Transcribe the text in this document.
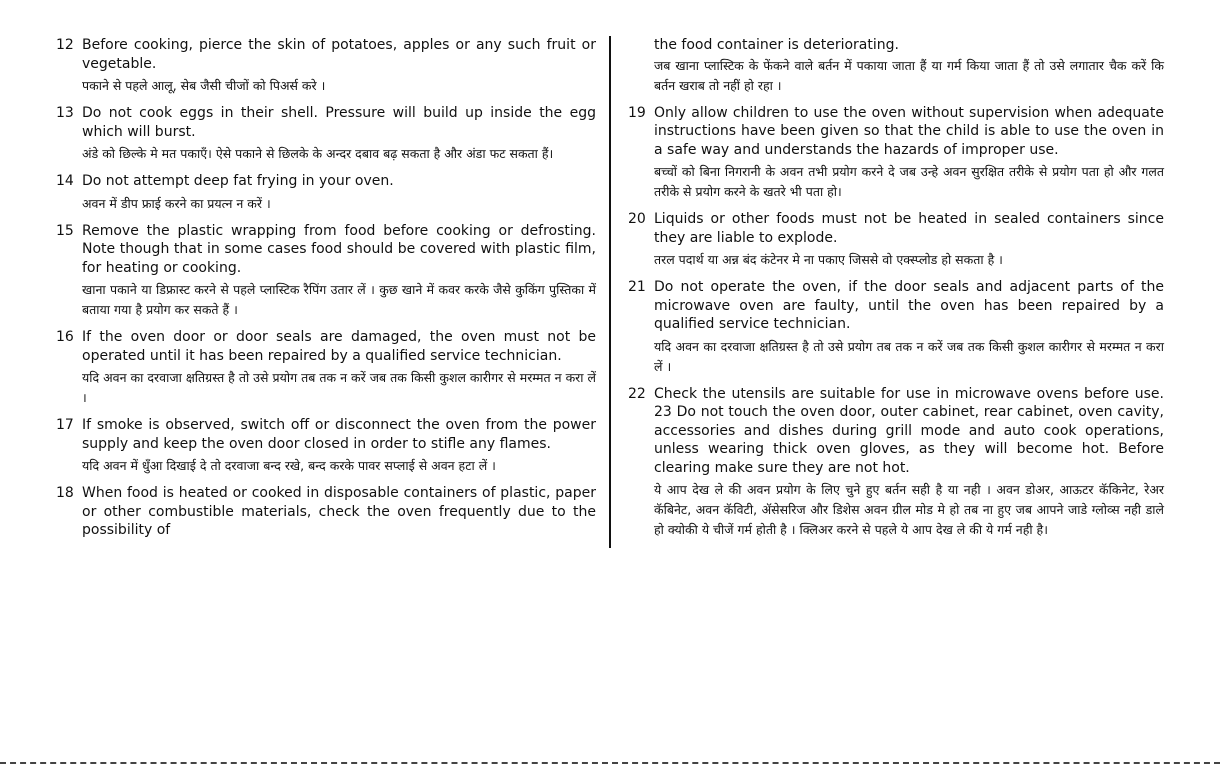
12 Before cooking, pierce the skin of potatoes, apples or any such fruit or vegetable.
पकाने से पहले आलू, सेब जैसी चीजों को पिअर्स करे ।
13 Do not cook eggs in their shell. Pressure will build up inside the egg which will burst.
अंडे को छिल्के मे मत पकाएँ। ऐसे पकाने से छिलके के अन्दर दबाव बढ़ सकता है और अंडा फट सकता हैं।
14 Do not attempt deep fat frying in your oven.
अवन में डीप फ्राई करने का प्रयत्न न करें ।
15 Remove the plastic wrapping from food before cooking or defrosting. Note though that in some cases food should be covered with plastic film, for heating or cooking.
खाना पकाने या डिफ्रास्ट करने से पहले प्लास्टिक रैपिंग उतार लें । कुछ खाने में कवर करके जैसे कुकिंग पुस्तिका में बताया गया है प्रयोग कर सकते हैं ।
16 If the oven door or door seals are damaged, the oven must not be operated until it has been repaired by a qualified service technician.
यदि अवन का दरवाजा क्षतिग्रस्त है तो उसे प्रयोग तब तक न करें जब तक किसी कुशल कारीगर से मरम्मत न करा लें ।
17 If smoke is observed, switch off or disconnect the oven from the power supply and keep the oven door closed in order to stifle any flames.
यदि अवन में धुँआ दिखाई दे तो दरवाजा बन्द रखे, बन्द करके पावर सप्लाई से अवन हटा लें ।
18 When food is heated or cooked in disposable containers of plastic, paper or other combustible materials, check the oven frequently due to the possibility of
the food container is deteriorating.
जब खाना प्लास्टिक के फेंकने वाले बर्तन में पकाया जाता हैं या गर्म किया जाता हैं तो उसे लगातार चैक करें कि बर्तन खराब तो नहीं हो रहा ।
19 Only allow children to use the oven without supervision when adequate instructions have been given so that the child is able to use the oven in a safe way and understands the hazards of improper use.
बच्चों को बिना निगरानी के अवन तभी प्रयोग करने दे जब उन्हे अवन सुरक्षित तरीके से प्रयोग पता हो और गलत तरीके से प्रयोग करने के खतरे भी पता हो।
20 Liquids or other foods must not be heated in sealed containers since they are liable to explode.
तरल पदार्थ या अन्न बंद कंटेनर मे ना पकाए जिससे वो एक्स्प्लोड हो सकता है ।
21 Do not operate the oven, if the door seals and adjacent parts of the microwave oven are faulty, until the oven has been repaired by a qualified service technician.
यदि अवन का दरवाजा क्षतिग्रस्त है तो उसे प्रयोग तब तक न करें जब तक किसी कुशल कारीगर से मरम्मत न करा लें ।
22 Check the utensils are suitable for use in microwave ovens before use. 23 Do not touch the oven door, outer cabinet, rear cabinet, oven cavity, accessories and dishes during grill mode and auto cook operations, unless wearing thick oven gloves, as they will become hot. Before clearing make sure they are not hot.
ये आप देख ले की अवन प्रयोग के लिए चुने हुए बर्तन सही है या नही । अवन डोअर, आऊटर कॅकिनेट, रेअर कॅबिनेट, अवन कॅविटी, ॲसेसरिज और डिशेस अवन ग्रील मोड मे हो तब ना हुए जब आपने जाडे ग्लोव्स नही डाले हो क्योकी ये चीजें गर्म होती है । क्लिअर करने से पहले ये आप देख ले की ये गर्म नही है।
